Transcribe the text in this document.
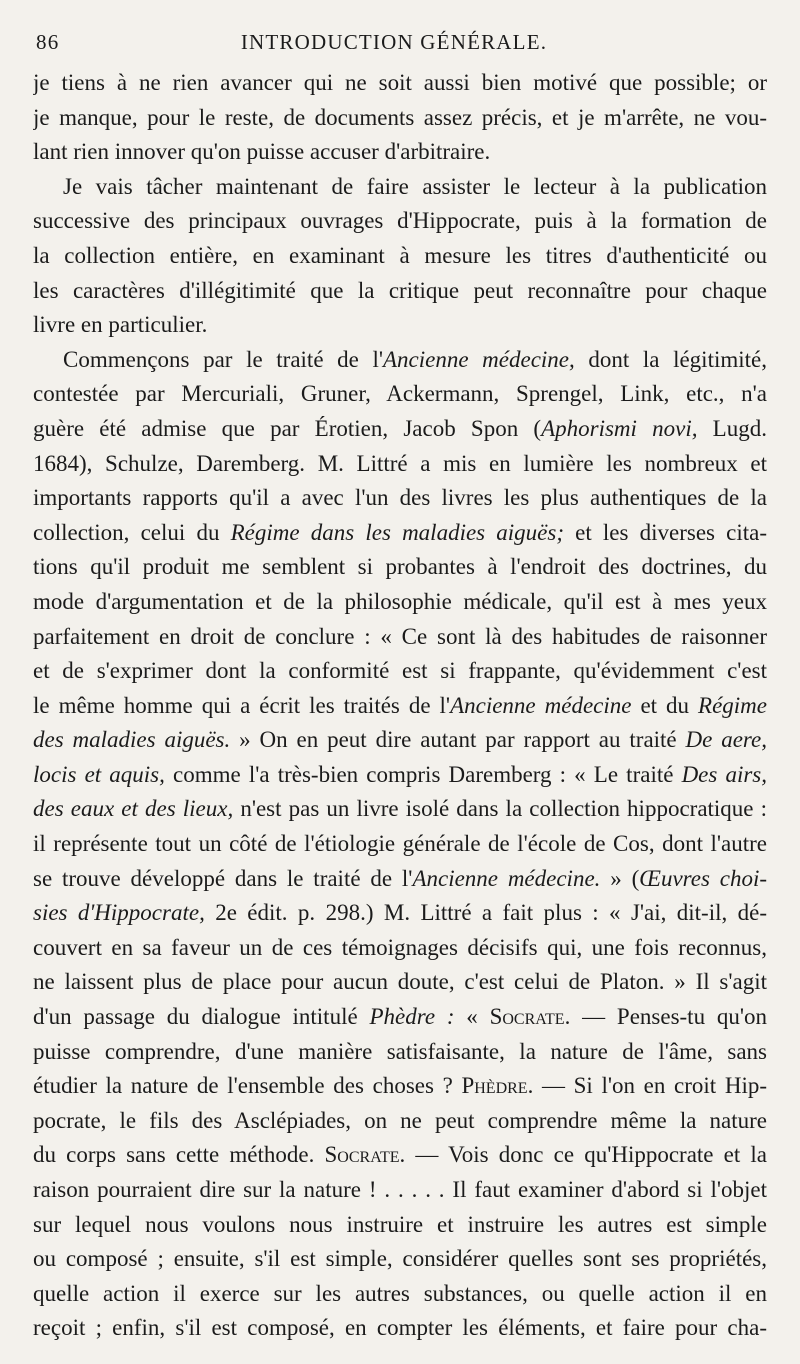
86	INTRODUCTION GÉNÉRALE.
je tiens à ne rien avancer qui ne soit aussi bien motivé que possible; or
je manque, pour le reste, de documents assez précis, et je m'arrête, ne vou-
lant rien innover qu'on puisse accuser d'arbitraire.
Je vais tâcher maintenant de faire assister le lecteur à la publication
successive des principaux ouvrages d'Hippocrate, puis à la formation de
la collection entière, en examinant à mesure les titres d'authenticité ou
les caractères d'illégitimité que la critique peut reconnaître pour chaque
livre en particulier.
Commençons par le traité de l'Ancienne médecine, dont la légitimité,
contestée par Mercuriali, Gruner, Ackermann, Sprengel, Link, etc., n'a
guère été admise que par Érotien, Jacob Spon (Aphorismi novi, Lugd.
1684), Schulze, Daremberg. M. Littré a mis en lumière les nombreux et
importants rapports qu'il a avec l'un des livres les plus authentiques de la
collection, celui du Régime dans les maladies aiguës; et les diverses cita-
tions qu'il produit me semblent si probantes à l'endroit des doctrines, du
mode d'argumentation et de la philosophie médicale, qu'il est à mes yeux
parfaitement en droit de conclure : « Ce sont là des habitudes de raisonner
et de s'exprimer dont la conformité est si frappante, qu'évidemment c'est
le même homme qui a écrit les traités de l'Ancienne médecine et du Régime
des maladies aiguës. » On en peut dire autant par rapport au traité De aere,
locis et aquis, comme l'a très-bien compris Daremberg : « Le traité Des airs,
des eaux et des lieux, n'est pas un livre isolé dans la collection hippocratique :
il représente tout un côté de l'étiologie générale de l'école de Cos, dont l'autre
se trouve développé dans le traité de l'Ancienne médecine. » (Œuvres choi-
sies d'Hippocrate, 2e édit. p. 298.) M. Littré a fait plus : « J'ai, dit-il, dé-
couvert en sa faveur un de ces témoignages décisifs qui, une fois reconnus,
ne laissent plus de place pour aucun doute, c'est celui de Platon. » Il s'agit
d'un passage du dialogue intitulé Phèdre : « Socrate. — Penses-tu qu'on
puisse comprendre, d'une manière satisfaisante, la nature de l'âme, sans
étudier la nature de l'ensemble des choses ? Phèdre. — Si l'on en croit Hip-
pocrate, le fils des Asclépiades, on ne peut comprendre même la nature
du corps sans cette méthode. Socrate. — Vois donc ce qu'Hippocrate et la
raison pourraient dire sur la nature ! . . . . . Il faut examiner d'abord si l'objet
sur lequel nous voulons nous instruire et instruire les autres est simple
ou composé ; ensuite, s'il est simple, considérer quelles sont ses propriétés,
quelle action il exerce sur les autres substances, ou quelle action il en
reçoit ; enfin, s'il est composé, en compter les éléments, et faire pour cha-
